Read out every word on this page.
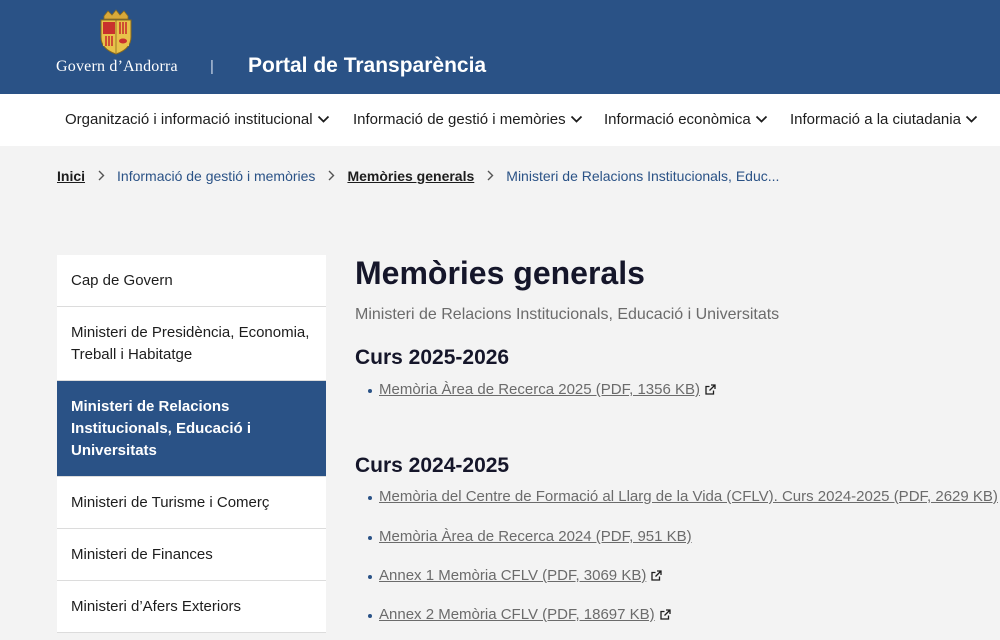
Govern d’Andorra | Portal de Transparència
Organització i informació institucional	Informació de gestió i memòries	Informació econòmica	Informació a la ciutadania
Inici Informació de gestió i memòries Memòries generals Ministeri de Relacions Institucionals, Educ...
Cap de Govern
Ministeri de Presidència, Economia, Treball i Habitatge
Ministeri de Relacions Institucionals, Educació i Universitats
Ministeri de Turisme i Comerç
Ministeri de Finances
Ministeri d’Afers Exteriors
Memòries generals
Ministeri de Relacions Institucionals, Educació i Universitats
Curs 2025-2026
Memòria Àrea de Recerca 2025 (PDF, 1356 KB)
Curs 2024-2025
Memòria del Centre de Formació al Llarg de la Vida (CFLV). Curs 2024-2025 (PDF, 2629 KB)
Memòria Àrea de Recerca 2024 (PDF, 951 KB)
Annex 1 Memòria CFLV (PDF, 3069 KB)
Annex 2 Memòria CFLV (PDF, 18697 KB)
